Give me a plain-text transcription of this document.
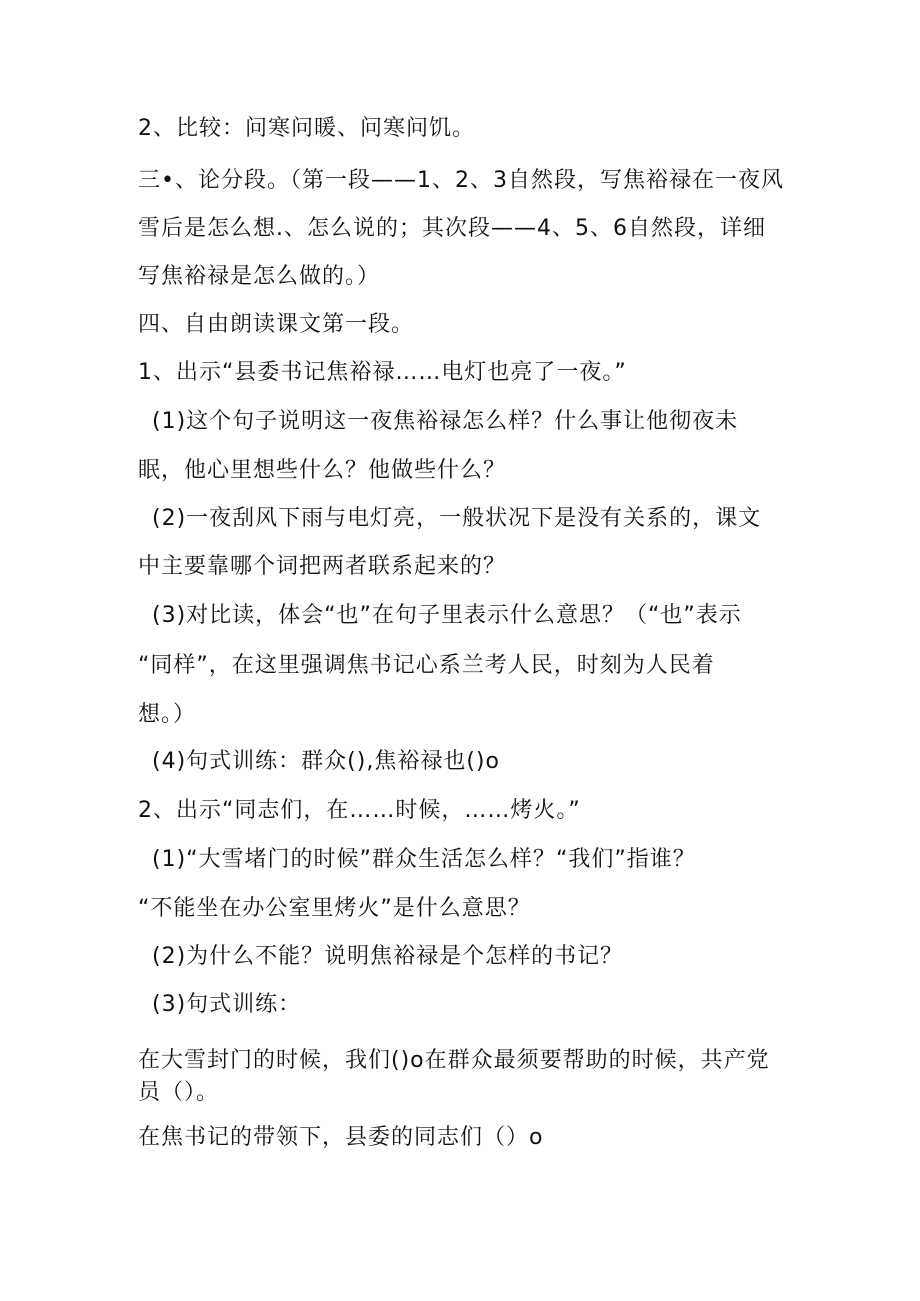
2、比较：问寒问暖、问寒问饥。
三•、论分段。（第一段——1、2、3自然段，写焦裕禄在一夜风
雪后是怎么想.、怎么说的；其次段——4、5、6自然段，详细
写焦裕禄是怎么做的。）
四、自由朗读课文第一段。
1、出示“县委书记焦裕禄……电灯也亮了一夜。”
(1)这个句子说明这一夜焦裕禄怎么样？什么事让他彻夜未
眠，他心里想些什么？他做些什么？
(2)一夜刮风下雨与电灯亮，一般状况下是没有关系的，课文
中主要靠哪个词把两者联系起来的？
(3)对比读，体会“也”在句子里表示什么意思？（“也”表示
“同样”，在这里强调焦书记心系兰考人民，时刻为人民着
想。）
(4)句式训练：群众(),焦裕禄也()o
2、出示“同志们，在……时候，……烤火。”
(1)“大雪堵门的时候”群众生活怎么样？“我们”指谁？
“不能坐在办公室里烤火”是什么意思？
(2)为什么不能？说明焦裕禄是个怎样的书记？
(3)句式训练：
在大雪封门的时候，我们()o在群众最须要帮助的时候，共产党
员（）。
在焦书记的带领下，县委的同志们（）o
